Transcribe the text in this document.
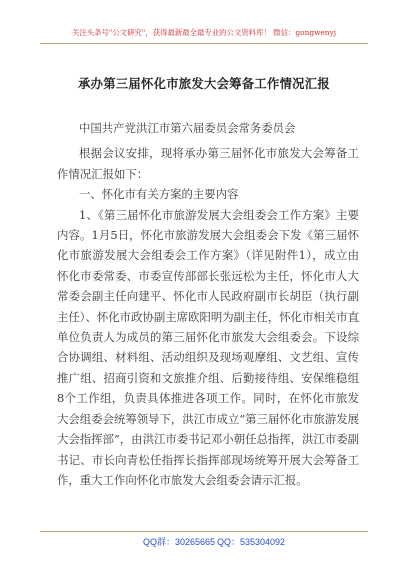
关注头条号"公文研究"，获得最新最全最专业的公文资料库！ 微信：gongwenyj
承办第三届怀化市旅发大会筹备工作情况汇报

中国共产党洪江市第六届委员会常务委员会

根据会议安排，现将承办第三届怀化市旅发大会筹备工作情况汇报如下：

一、怀化市有关方案的主要内容

1、《第三届怀化市旅游发展大会组委会工作方案》主要内容。1月5日，怀化市旅游发展大会组委会下发《第三届怀化市旅游发展大会组委会工作方案》（详见附件1），成立由怀化市委常委、市委宣传部部长张远松为主任，怀化市人大常委会副主任向建平、怀化市人民政府副市长胡臣（执行副主任）、怀化市政协副主席欧阳明为副主任，怀化市相关市直单位负责人为成员的第三届怀化市旅发大会组委会。下设综合协调组、材料组、活动组织及现场观摩组、文艺组、宣传推广组、招商引资和文旅推介组、后勤接待组、安保维稳组8个工作组，负责具体推进各项工作。同时，在怀化市旅发大会组委会统筹领导下，洪江市成立“第三届怀化市旅游发展大会指挥部”，由洪江市委书记邓小朝任总指挥，洪江市委副书记、市长向青松任指挥长指挥部现场统筹开展大会筹备工作，重大工作向怀化市旅发大会组委会请示汇报。

QQ群：30265665 QQ：535304092
